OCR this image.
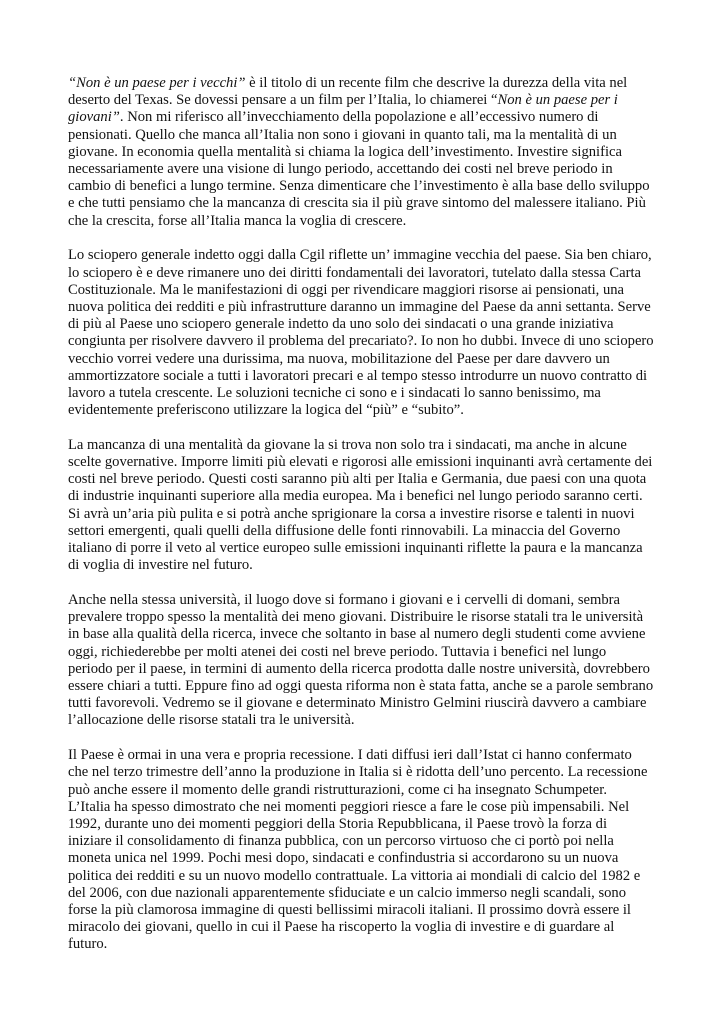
“Non è un paese per i vecchi” è il titolo di un recente film che descrive la durezza della vita nel
deserto del Texas. Se dovessi pensare a un film per l’Italia, lo chiamerei “Non è un paese per i
giovani”. Non mi riferisco all’invecchiamento della popolazione e all’eccessivo numero di
pensionati. Quello che manca all’Italia non sono i giovani in quanto tali, ma la mentalità di un
giovane. In economia quella mentalità si chiama la logica dell’investimento. Investire significa
necessariamente avere una visione di lungo periodo, accettando dei costi nel breve periodo in
cambio di benefici a lungo termine. Senza dimenticare che l’investimento è alla base dello sviluppo
e che tutti pensiamo che la mancanza di crescita sia il più grave sintomo del malessere italiano. Più
che la crescita, forse all’Italia manca la voglia di crescere.

Lo sciopero generale indetto oggi dalla Cgil riflette un’ immagine vecchia del paese. Sia ben chiaro,
lo sciopero è e deve rimanere uno dei diritti fondamentali dei lavoratori, tutelato dalla stessa Carta
Costituzionale. Ma le manifestazioni di oggi per rivendicare maggiori risorse ai pensionati, una
nuova politica dei redditi e più infrastrutture daranno un immagine del Paese da anni settanta. Serve
di più al Paese uno sciopero generale indetto da uno solo dei sindacati o una grande iniziativa
congiunta per risolvere davvero il problema del precariato?. Io non ho dubbi. Invece di uno sciopero
vecchio vorrei vedere una durissima, ma nuova, mobilitazione del Paese per dare davvero un
ammortizzatore sociale a tutti i lavoratori precari e al tempo stesso introdurre un nuovo contratto di
lavoro a tutela crescente. Le soluzioni tecniche ci sono e i sindacati lo sanno benissimo, ma
evidentemente preferiscono utilizzare la logica del “più” e “subito”.

La mancanza di una mentalità da giovane la si trova non solo tra i sindacati, ma anche in alcune
scelte governative. Imporre limiti più elevati e rigorosi alle emissioni inquinanti avrà certamente dei
costi nel breve periodo. Questi costi saranno più alti per Italia e Germania, due paesi con una quota
di industrie inquinanti superiore alla media europea. Ma i benefici nel lungo periodo saranno certi.
Si avrà un’aria più pulita e si potrà anche sprigionare la corsa a investire risorse e talenti in nuovi
settori emergenti, quali quelli della diffusione delle fonti rinnovabili. La minaccia del Governo
italiano di porre il veto al vertice europeo sulle emissioni inquinanti riflette la paura e la mancanza
di voglia di investire nel futuro.

Anche nella stessa università, il luogo dove si formano i giovani e i cervelli di domani, sembra
prevalere troppo spesso la mentalità dei meno giovani. Distribuire le risorse statali tra le università
in base alla qualità della ricerca, invece che soltanto in base al numero degli studenti come avviene
oggi, richiederebbe per molti atenei dei costi nel breve periodo. Tuttavia i benefici nel lungo
periodo per il paese, in termini di aumento della ricerca prodotta dalle nostre università, dovrebbero
essere chiari a tutti. Eppure fino ad oggi questa riforma non è stata fatta, anche se a parole sembrano
tutti favorevoli. Vedremo se il giovane e determinato Ministro Gelmini riuscirà davvero a cambiare
l’allocazione delle risorse statali tra le università.

Il Paese è ormai in una vera e propria recessione. I dati diffusi ieri dall’Istat ci hanno confermato
che nel terzo trimestre dell’anno la produzione in Italia si è ridotta dell’uno percento. La recessione
può anche essere il momento delle grandi ristrutturazioni, come ci ha insegnato Schumpeter.
L’Italia ha spesso dimostrato che nei momenti peggiori riesce a fare le cose più impensabili. Nel
1992, durante uno dei momenti peggiori della Storia Repubblicana, il Paese trovò la forza di
iniziare il consolidamento di finanza pubblica, con un percorso virtuoso che ci portò poi nella
moneta unica nel 1999. Pochi mesi dopo, sindacati e confindustria si accordarono su un nuova
politica dei redditi e su un nuovo modello contrattuale. La vittoria ai mondiali di calcio del 1982 e
del 2006, con due nazionali apparentemente sfiduciate e un calcio immerso negli scandali, sono
forse la più clamorosa immagine di questi bellissimi miracoli italiani. Il prossimo dovrà essere il
miracolo dei giovani, quello in cui il Paese ha riscoperto la voglia di investire e di guardare al
futuro.
